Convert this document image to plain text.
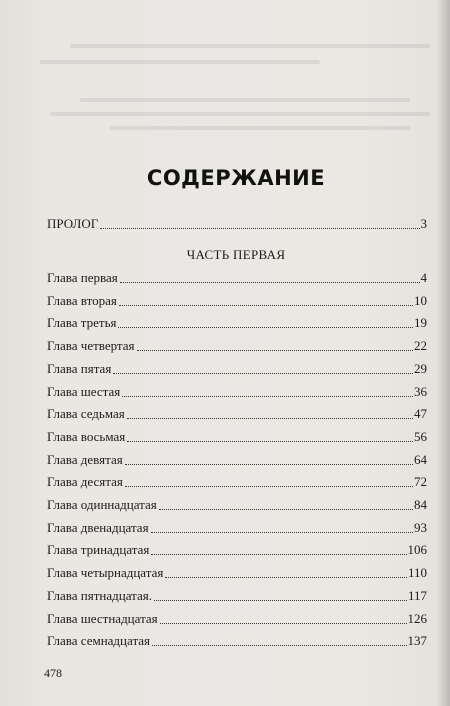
СОДЕРЖАНИЕ
ПРОЛОГ	3
ЧАСТЬ ПЕРВАЯ
Глава первая	4
Глава вторая	10
Глава третья	19
Глава четвертая	22
Глава пятая	29
Глава шестая	36
Глава седьмая	47
Глава восьмая	56
Глава девятая	64
Глава десятая	72
Глава одиннадцатая	84
Глава двенадцатая	93
Глава тринадцатая	106
Глава четырнадцатая	110
Глава пятнадцатая.	117
Глава шестнадцатая	126
Глава семнадцатая	137
478
